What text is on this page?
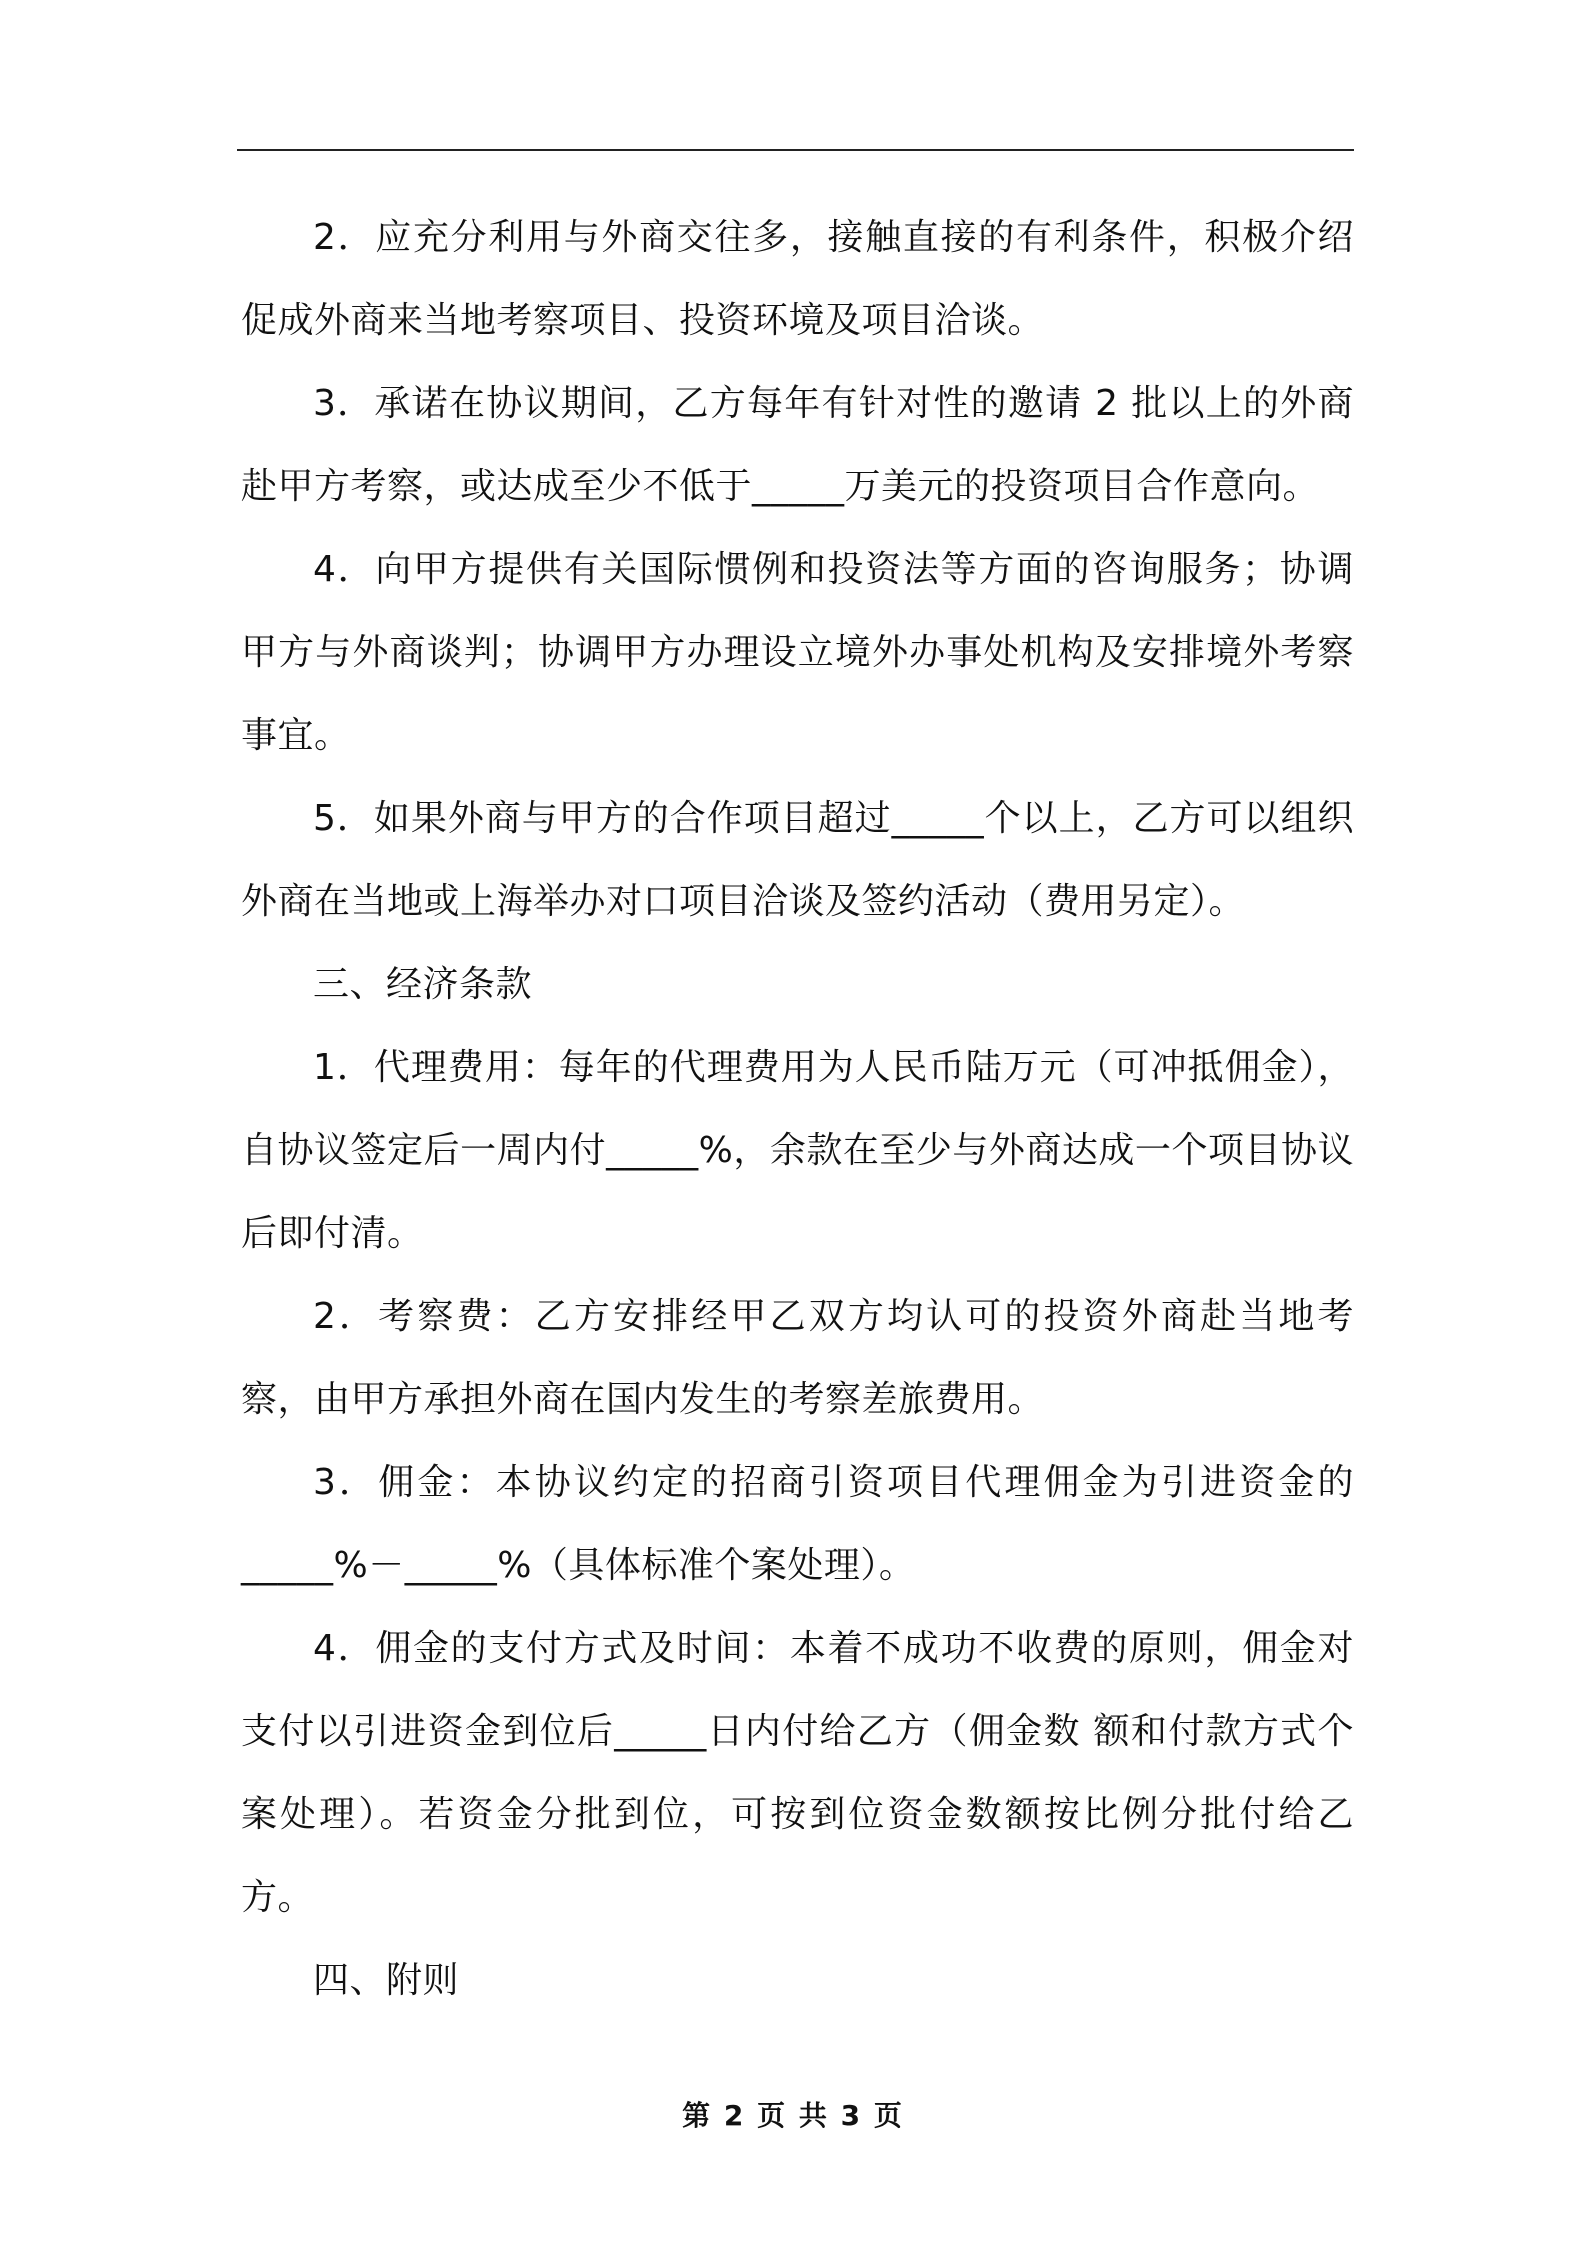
2．应充分利用与外商交往多，接触直接的有利条件，积极介绍促成外商来当地考察项目、投资环境及项目洽谈。

3．承诺在协议期间，乙方每年有针对性的邀请 2 批以上的外商赴甲方考察，或达成至少不低于_____万美元的投资项目合作意向。

4．向甲方提供有关国际惯例和投资法等方面的咨询服务；协调甲方与外商谈判；协调甲方办理设立境外办事处机构及安排境外考察事宜。

5．如果外商与甲方的合作项目超过_____个以上，乙方可以组织外商在当地或上海举办对口项目洽谈及签约活动（费用另定）。

三、经济条款

1．代理费用：每年的代理费用为人民币陆万元（可冲抵佣金），自协议签定后一周内付_____%，余款在至少与外商达成一个项目协议后即付清。

2．考察费：乙方安排经甲乙双方均认可的投资外商赴当地考察，由甲方承担外商在国内发生的考察差旅费用。

3．佣金：本协议约定的招商引资项目代理佣金为引进资金的_____%－_____%（具体标准个案处理）。

4．佣金的支付方式及时间：本着不成功不收费的原则，佣金对支付以引进资金到位后_____日内付给乙方（佣金数 额和付款方式个案处理）。若资金分批到位，可按到位资金数额按比例分批付给乙方。

四、附则

第 2 页 共 3 页
